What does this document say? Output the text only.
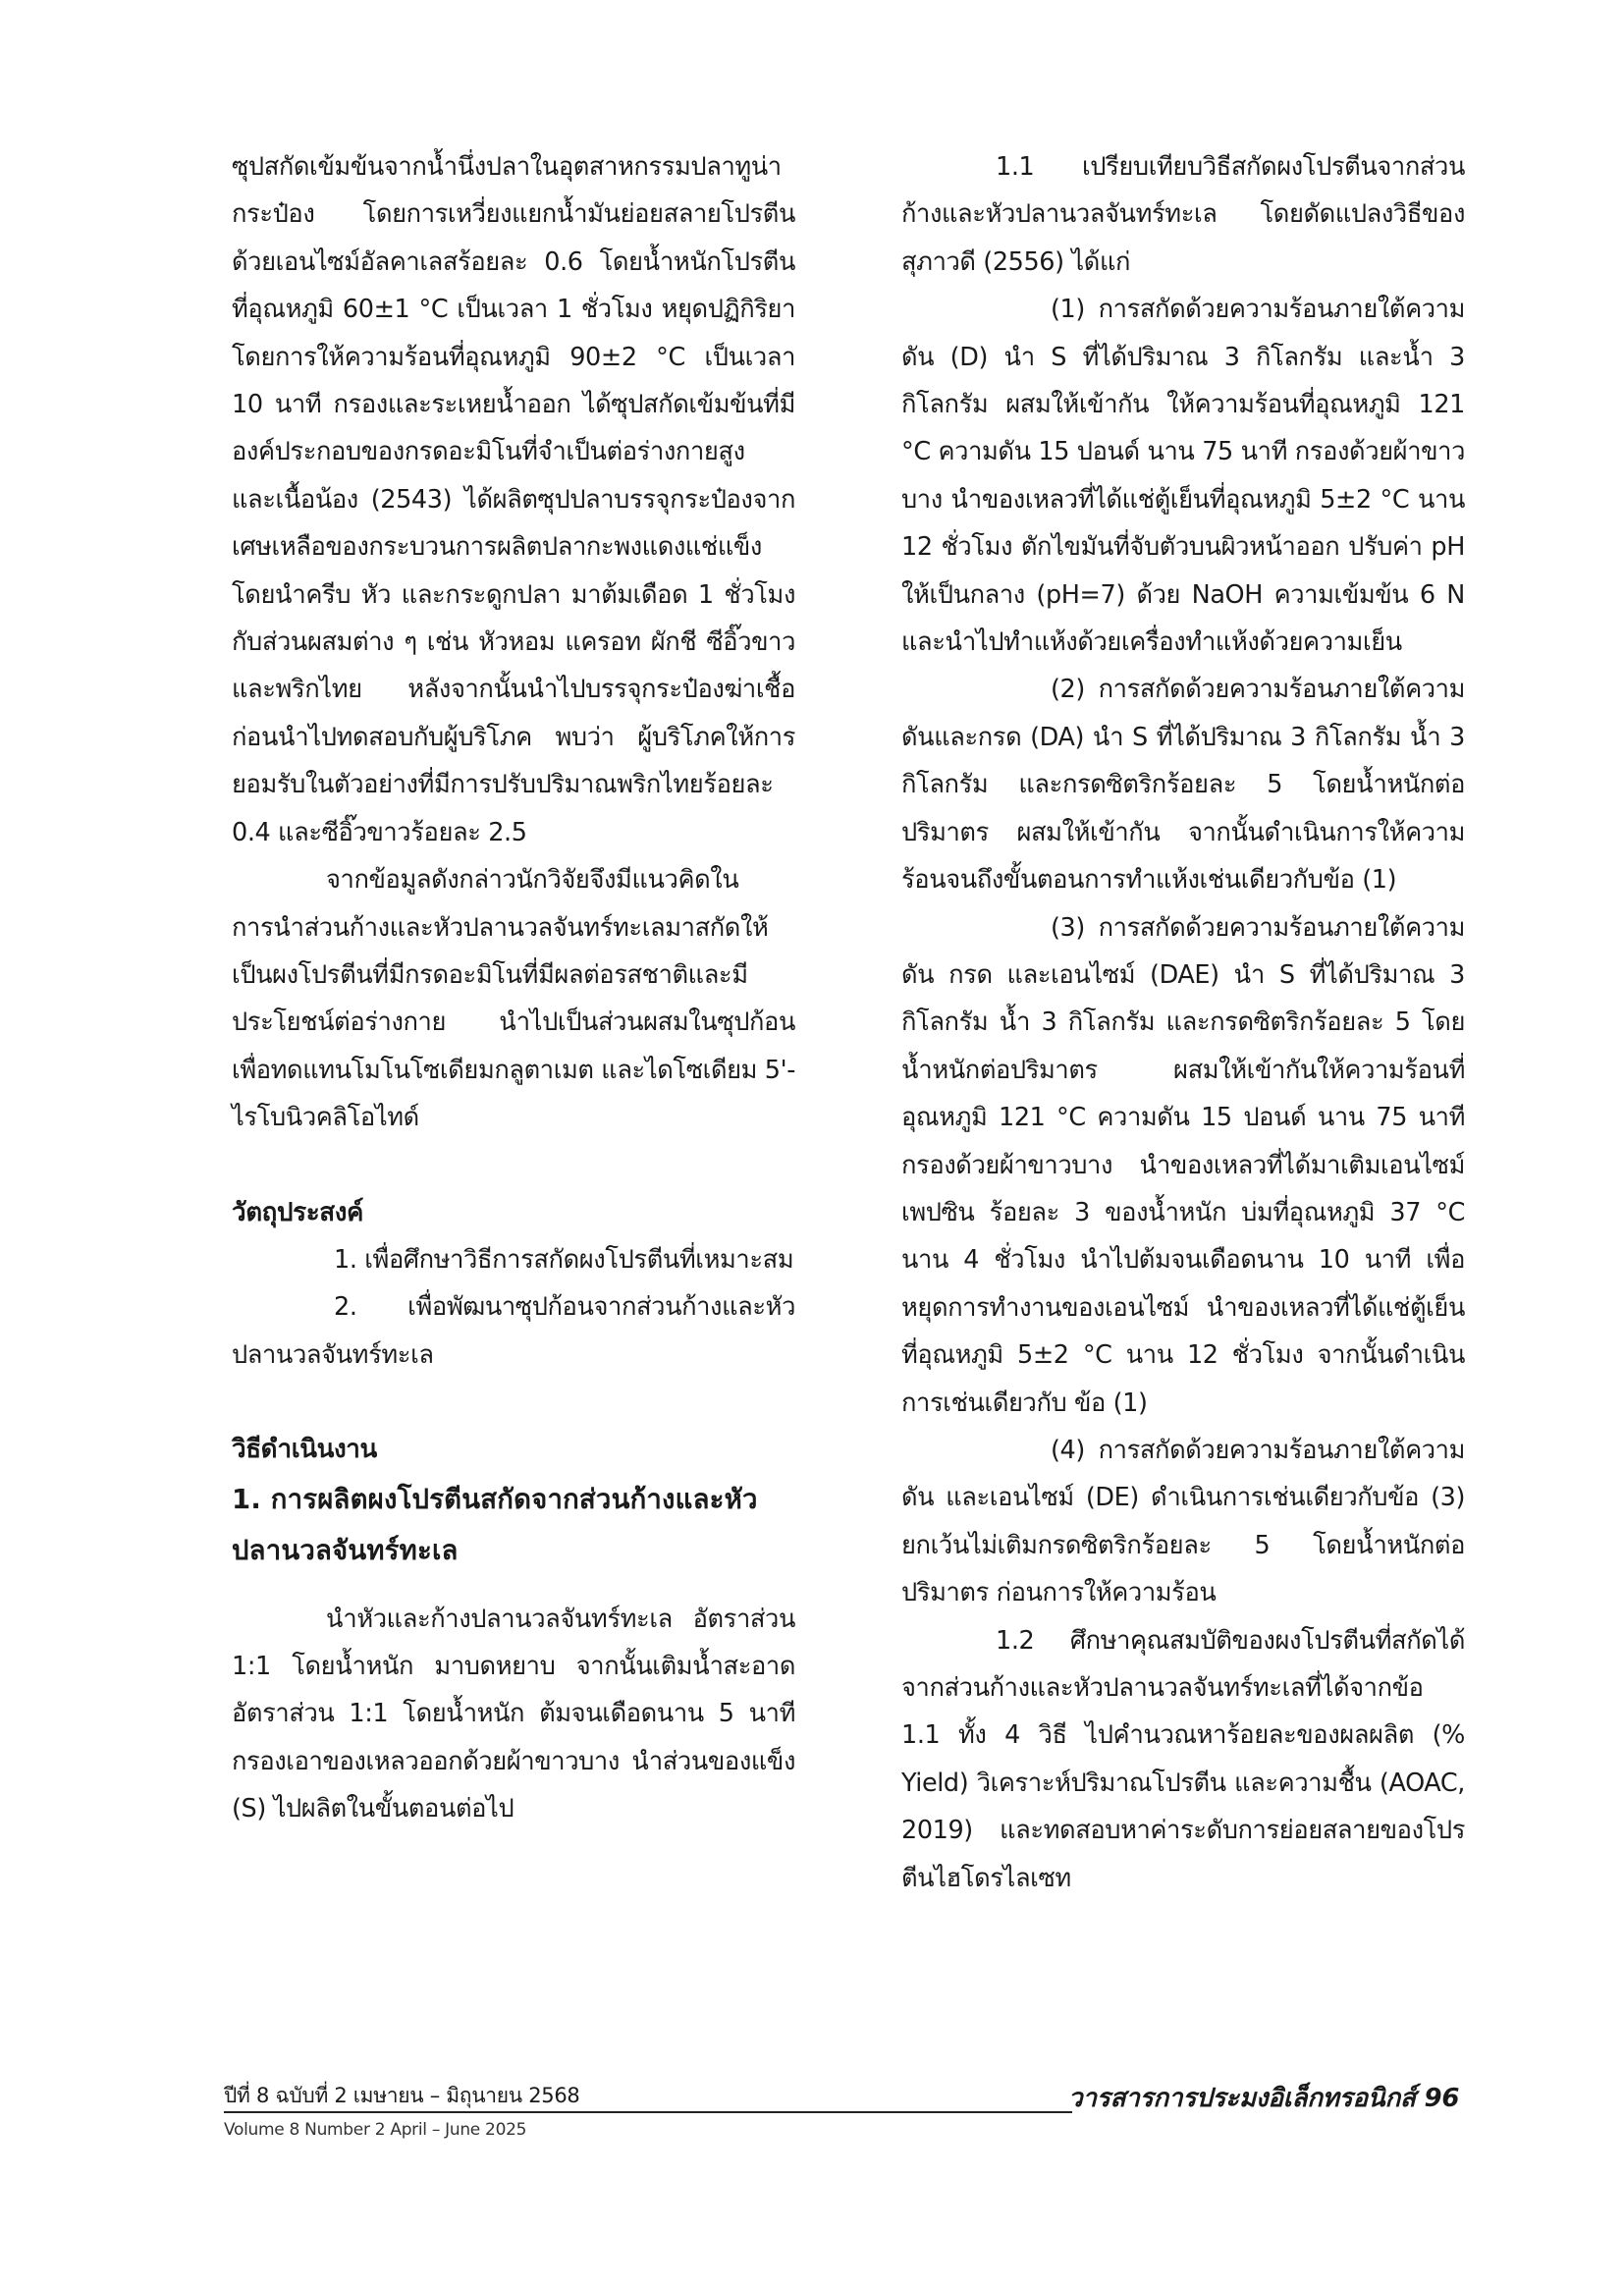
ซุปสกัดเข้มข้นจากน้ำนึ่งปลาในอุตสาหกรรมปลาทูน่ากระป๋อง โดยการเหวี่ยงแยกน้ำมันย่อยสลายโปรตีนด้วยเอนไซม์อัลคาเลสร้อยละ 0.6 โดยน้ำหนักโปรตีน ที่อุณหภูมิ 60±1 °C เป็นเวลา 1 ชั่วโมง หยุดปฏิกิริยาโดยการให้ความร้อนที่อุณหภูมิ 90±2 °C เป็นเวลา 10 นาที กรองและระเหยน้ำออก ได้ซุปสกัดเข้มข้นที่มีองค์ประกอบของกรดอะมิโนที่จำเป็นต่อร่างกายสูง และเนื้อน้อง (2543) ได้ผลิตซุปปลาบรรจุกระป๋องจากเศษเหลือของกระบวนการผลิตปลากะพงแดงแช่แข็ง โดยนำครีบ หัว และกระดูกปลา มาต้มเดือด 1 ชั่วโมง กับส่วนผสมต่าง ๆ เช่น หัวหอม แครอท ผักชี ซีอิ๊วขาว และพริกไทย หลังจากนั้นนำไปบรรจุกระป๋องฆ่าเชื้อ ก่อนนำไปทดสอบกับผู้บริโภค พบว่า ผู้บริโภคให้การยอมรับในตัวอย่างที่มีการปรับปริมาณพริกไทยร้อยละ 0.4 และซีอิ๊วขาวร้อยละ 2.5

จากข้อมูลดังกล่าวนักวิจัยจึงมีแนวคิดในการนำส่วนก้างและหัวปลานวลจันทร์ทะเลมาสกัดให้เป็นผงโปรตีนที่มีกรดอะมิโนที่มีผลต่อรสชาติและมีประโยชน์ต่อร่างกาย นำไปเป็นส่วนผสมในซุปก้อน เพื่อทดแทนโมโนโซเดียมกลูตาเมต และไดโซเดียม 5'-ไรโบนิวคลิโอไทด์

วัตถุประสงค์

1. เพื่อศึกษาวิธีการสกัดผงโปรตีนที่เหมาะสม

2. เพื่อพัฒนาซุปก้อนจากส่วนก้างและหัวปลานวลจันทร์ทะเล

วิธีดำเนินงาน
1. การผลิตผงโปรตีนสกัดจากส่วนก้างและหัวปลานวลจันทร์ทะเล

นำหัวและก้างปลานวลจันทร์ทะเล อัตราส่วน 1:1 โดยน้ำหนัก มาบดหยาบ จากนั้นเติมน้ำสะอาด อัตราส่วน 1:1 โดยน้ำหนัก ต้มจนเดือดนาน 5 นาที กรองเอาของเหลวออกด้วยผ้าขาวบาง นำส่วนของแข็ง (S) ไปผลิตในขั้นตอนต่อไป

1.1 เปรียบเทียบวิธีสกัดผงโปรตีนจากส่วนก้างและหัวปลานวลจันทร์ทะเล โดยดัดแปลงวิธีของสุภาวดี (2556) ได้แก่

(1) การสกัดด้วยความร้อนภายใต้ความดัน (D) นำ S ที่ได้ปริมาณ 3 กิโลกรัม และน้ำ 3 กิโลกรัม ผสมให้เข้ากัน ให้ความร้อนที่อุณหภูมิ 121 °C ความดัน 15 ปอนด์ นาน 75 นาที กรองด้วยผ้าขาวบาง นำของเหลวที่ได้แช่ตู้เย็นที่อุณหภูมิ 5±2 °C นาน 12 ชั่วโมง ตักไขมันที่จับตัวบนผิวหน้าออก ปรับค่า pH ให้เป็นกลาง (pH=7) ด้วย NaOH ความเข้มข้น 6 N และนำไปทำแห้งด้วยเครื่องทำแห้งด้วยความเย็น

(2) การสกัดด้วยความร้อนภายใต้ความดันและกรด (DA) นำ S ที่ได้ปริมาณ 3 กิโลกรัม น้ำ 3 กิโลกรัม และกรดซิตริกร้อยละ 5 โดยน้ำหนักต่อปริมาตร ผสมให้เข้ากัน จากนั้นดำเนินการให้ความร้อนจนถึงขั้นตอนการทำแห้งเช่นเดียวกับข้อ (1)

(3) การสกัดด้วยความร้อนภายใต้ความดัน กรด และเอนไซม์ (DAE) นำ S ที่ได้ปริมาณ 3 กิโลกรัม น้ำ 3 กิโลกรัม และกรดซิตริกร้อยละ 5 โดยน้ำหนักต่อปริมาตร ผสมให้เข้ากันให้ความร้อนที่อุณหภูมิ 121 °C ความดัน 15 ปอนด์ นาน 75 นาที กรองด้วยผ้าขาวบาง นำของเหลวที่ได้มาเติมเอนไซม์เพปซิน ร้อยละ 3 ของน้ำหนัก บ่มที่อุณหภูมิ 37 °C นาน 4 ชั่วโมง นำไปต้มจนเดือดนาน 10 นาที เพื่อหยุดการทำงานของเอนไซม์ นำของเหลวที่ได้แช่ตู้เย็นที่อุณหภูมิ 5±2 °C นาน 12 ชั่วโมง จากนั้นดำเนินการเช่นเดียวกับ ข้อ (1)

(4) การสกัดด้วยความร้อนภายใต้ความดัน และเอนไซม์ (DE) ดำเนินการเช่นเดียวกับข้อ (3) ยกเว้นไม่เติมกรดซิตริกร้อยละ 5 โดยน้ำหนักต่อปริมาตร ก่อนการให้ความร้อน

1.2 ศึกษาคุณสมบัติของผงโปรตีนที่สกัดได้จากส่วนก้างและหัวปลานวลจันทร์ทะเลที่ได้จากข้อ 1.1 ทั้ง 4 วิธี ไปคำนวณหาร้อยละของผลผลิต (% Yield) วิเคราะห์ปริมาณโปรตีน และความชื้น (AOAC, 2019) และทดสอบหาค่าระดับการย่อยสลายของโปรตีนไฮโดรไลเซท

ปีที่ 8 ฉบับที่ 2 เมษายน – มิถุนายน 2568
Volume 8 Number 2 April – June 2025
วารสารการประมงอิเล็กทรอนิกส์ 96
